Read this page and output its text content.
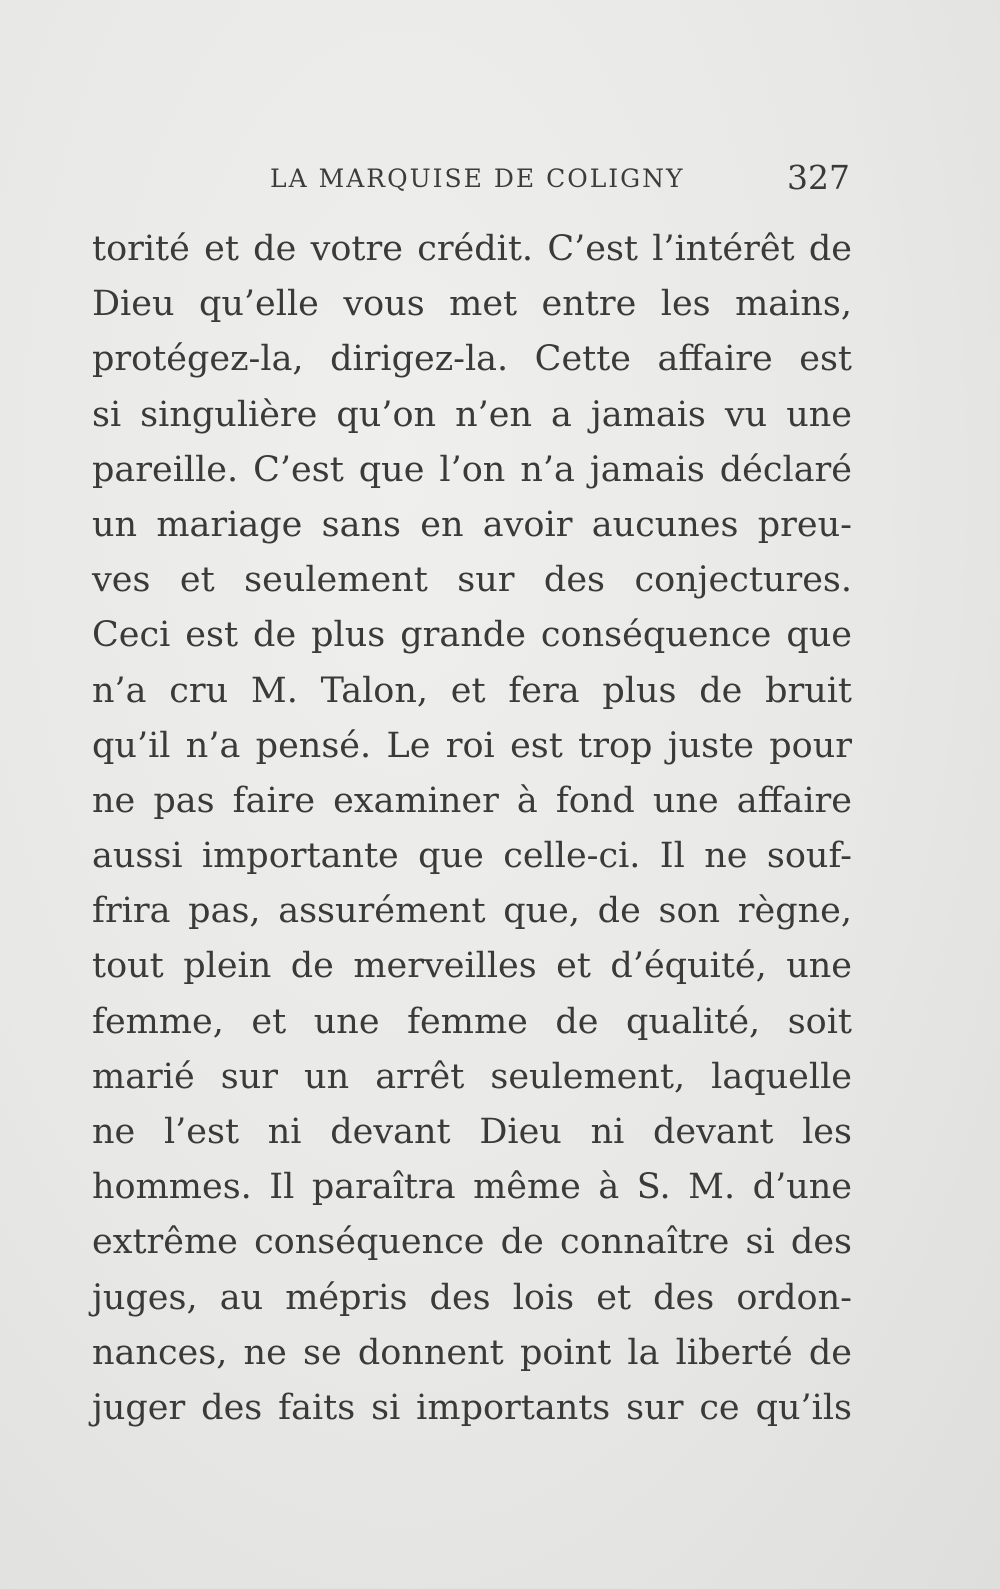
LA MARQUISE DE COLIGNY	327
torité et de votre crédit. C’est l’intérêt de
Dieu qu’elle vous met entre les mains,
protégez-la, dirigez-la. Cette affaire est
si singulière qu’on n’en a jamais vu une
pareille. C’est que l’on n’a jamais déclaré
un mariage sans en avoir aucunes preu-
ves et seulement sur des conjectures.
Ceci est de plus grande conséquence que
n’a cru M. Talon, et fera plus de bruit
qu’il n’a pensé. Le roi est trop juste pour
ne pas faire examiner à fond une affaire
aussi importante que celle-ci. Il ne souf-
frira pas, assurément que, de son règne,
tout plein de merveilles et d’équité, une
femme, et une femme de qualité, soit
marié sur un arrêt seulement, laquelle
ne l’est ni devant Dieu ni devant les
hommes. Il paraîtra même à S. M. d’une
extrême conséquence de connaître si des
juges, au mépris des lois et des ordon-
nances, ne se donnent point la liberté de
juger des faits si importants sur ce qu’ils
